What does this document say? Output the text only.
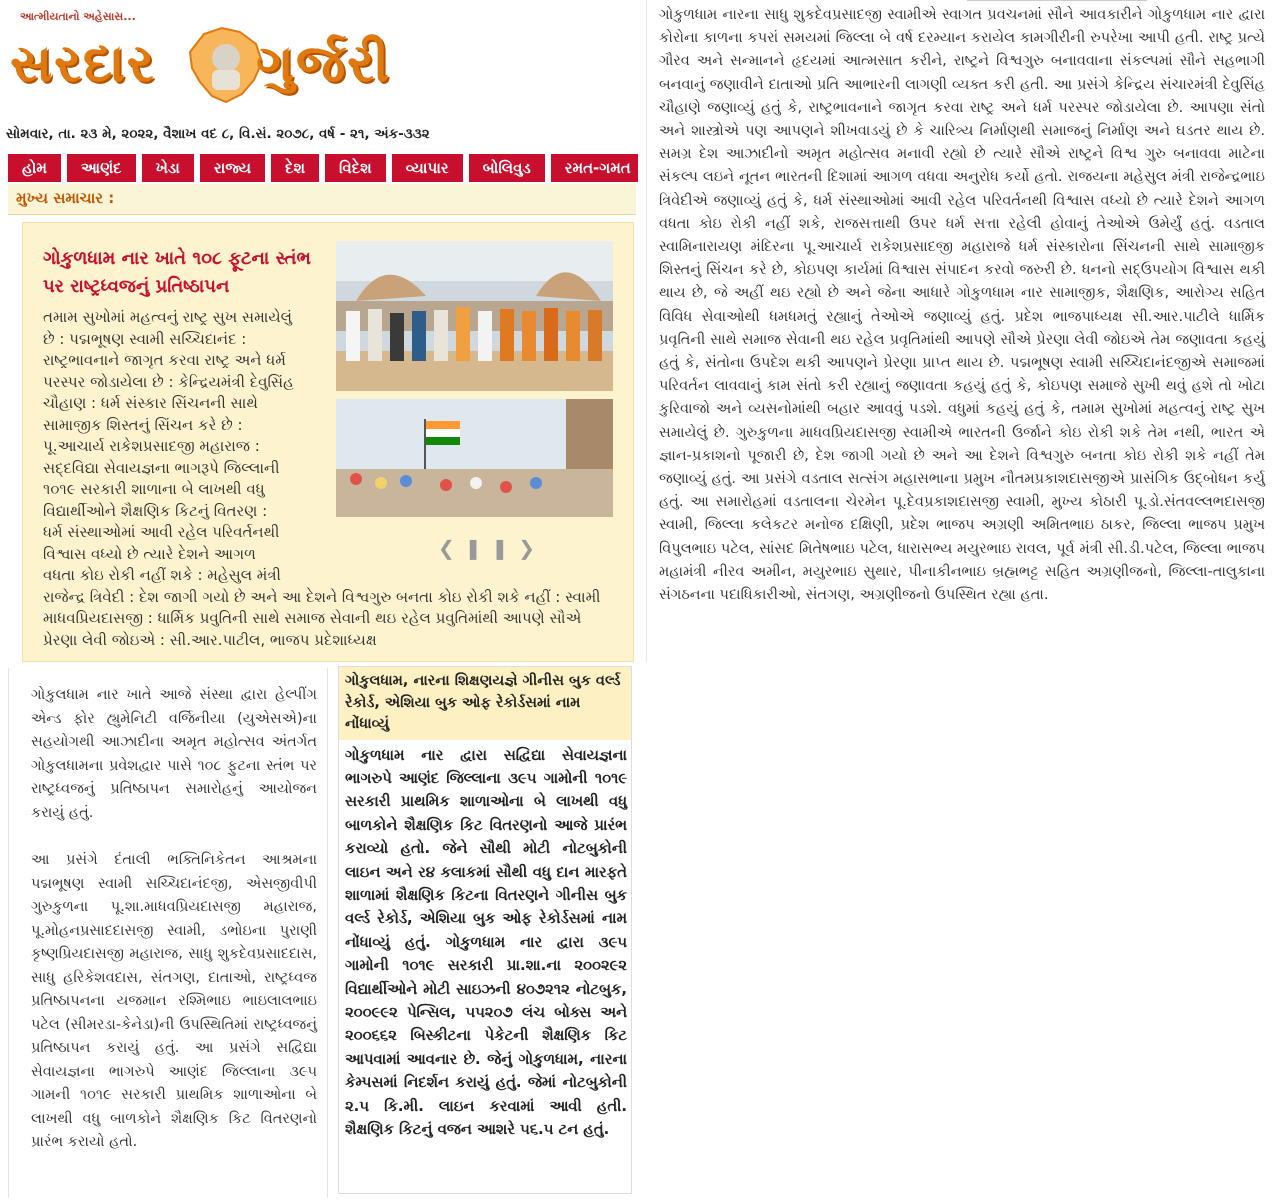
આત્મીયતાનો અહેસાસ...
સરદાર ગુર્જરી
સોમવાર, તા. ૨૩ મે, ૨૦૨૨, વૈશાખ વદ ૮, વિ.સં. ૨૦૭૮, વર્ષ - ૨૧, અંક-૩૩૨
હોમ	આણંદ	ખેડા	રાજ્ય	દેશ	વિદેશ	વ્યાપાર	બોલિવુડ	રમત-ગમત
મુખ્ય સમાચાર :
ગોકુળધામ નાર ખાતે ૧૦૮ ફૂટના સ્તંભ પર રાષ્ટ્રધ્વજનું પ્રતિષ્ઠાપન
❮❚❚❯
તમામ સુખોમાં મહત્વનું રાષ્ટ્ર સુખ સમાયેલું
છે : પદ્મભૂષણ સ્વામી સચ્ચિદાનંદ :
રાષ્ટ્રભાવનાને જાગૃત કરવા રાષ્ટ્ર અને ધર્મ
પરસ્પર જોડાયેલા છે : કેન્દ્રિયમંત્રી દેવુસિંહ
ચૌહાણ : ધર્મ સંસ્કાર સિંચનની સાથે
સામાજીક શિસ્તનું સિંચન કરે છે :
પૂ.આચાર્ય રાકેશપ્રસાદજી મહારાજ :
સદ્દવિદ્યા સેવાયજ્ઞના ભાગરૂપે જિલ્લાની
૧૦૧૯ સરકારી શાળાના બે લાખથી વધુ
વિદ્યાર્થીઓને શૈક્ષણિક કિટનું વિતરણ :
ધર્મ સંસ્થાઓમાં આવી રહેલ પરિવર્તનથી
વિશ્વાસ વધ્યો છે ત્યારે દેશને આગળ
વધતા કોઇ રોકી નહીં શકે : મહેસુલ મંત્રી
રાજેન્દ્ર ત્રિવેદી : દેશ જાગી ગયો છે અને આ દેશને વિશ્વગુરુ બનતા કોઇ રોકી શકે નહીં : સ્વામી માધવપ્રિયદાસજી : ધાર્મિક પ્રવુતિની સાથે સમાજ સેવાની થઇ રહેલ પ્રવુતિમાંથી આપણે સૌએ પ્રેરણા લેવી જોઇએ : સી.આર.પાટીલ, ભાજપ પ્રદેશાધ્યક્ષ

ગોકુલધામ નાર ખાતે આજે સંસ્થા દ્વારા હેલ્પીંગ એન્ડ ફોર હ્યુમેનિટી વર્જિનીયા (યુએસએ)ના સહયોગથી આઝાદીના અમૃત મહોત્સવ અંતર્ગત ગોકુલધામના પ્રવેશદ્વાર પાસે ૧૦૮ ફુટના સ્તંભ પર રાષ્ટ્રધ્વજનું પ્રતિષ્ઠાપન સમારોહનું આયોજન કરાયું હતું.

આ પ્રસંગે દંતાલી ભક્તિનિકેતન આશ્રમના પદ્મભૂષણ સ્વામી સચ્ચિદાનંદજી, એસજીવીપી ગુરુકુળના પૂ.શા.માધવપ્રિયદાસજી મહારાજ, પૂ.મોહનપ્રસાદદાસજી સ્વામી, ડભોઇના પુરાણી કૃષ્ણપ્રિયદાસજી મહારાજ, સાધુ શુકદેવપ્રસાદદાસ, સાધુ હરિકેશવદાસ, સંતગણ, દાતાઓ, રાષ્ટ્રધ્વજ પ્રતિષ્ઠાપનના યજમાન રશ્મિભાઇ ભાઇલાલભાઇ પટેલ (સીમરડા-કેનેડા)ની ઉપસ્થિતિમાં રાષ્ટ્રધ્વજનું પ્રતિષ્ઠાપન કરાયું હતું. આ પ્રસંગે સદ્વિદ્યા સેવાયજ્ઞના ભાગરુપે આણંદ જિલ્લાના ૩૯૫ ગામની ૧૦૧૯ સરકારી પ્રાથમિક શાળાઓના બે લાખથી વધુ બાળકોને શૈક્ષણિક કિટ વિતરણનો પ્રારંભ કરાયો હતો.

ગોકુલધામ, નારના શિક્ષણયજ્ઞે ગીનીસ બુક વર્લ્ડ રેકોર્ડ, એશિયા બુક ઓફ રેકોર્ડસમાં નામ નોંધાવ્યું
ગોકુળધામ નાર દ્વારા સદ્વિદ્યા સેવાયજ્ઞના ભાગરુપે આણંદ જિલ્લાના ૩૯૫ ગામોની ૧૦૧૯ સરકારી પ્રાથમિક શાળાઓના બે લાખથી વધુ બાળકોને શૈક્ષણિક કિટ વિતરણનો આજે પ્રારંભ કરાવ્યો હતો. જેને સૌથી મોટી નોટબુકોની લાઇન અને ર૪ કલાકમાં સૌથી વધુ દાન મારફતે શાળામાં શૈક્ષણિક કિટના વિતરણને ગીનીસ બુક વર્લ્ડ રેકોર્ડ, એશિયા બુક ઓફ રેકોર્ડસમાં નામ નોંધાવ્યું હતું. ગોકુળધામ નાર દ્વારા ૩૯૫ ગામોની ૧૦૧૯ સરકારી પ્રા.શા.ના ૨૦૦૨૯૨ વિદ્યાર્થીઓને મોટી સાઇઝની ૪૦૭૨૧૨ નોટબુક, ૨૦૦૯૯૨ પેન્સિલ, ૫૫૨૦૭ લંચ બોક્સ અને ૨૦૦૬૬૨ બિસ્કીટના પેકેટની શૈક્ષણિક કિટ આપવામાં આવનાર છે. જેનું ગોકુળધામ, નારના કેમ્પસમાં નિદર્શન કરાયું હતું. જેમાં નોટબુકોની ૨.૫ કિ.મી. લાઇન કરવામાં આવી હતી. શૈક્ષણિક કિટનું વજન આશરે ૫૬.૫ ટન હતું.

ગોકુળધામ નારના સાધુ શુકદેવપ્રસાદજી સ્વામીએ સ્વાગત પ્રવચનમાં સૌને આવકારીને ગોકુળધામ નાર દ્વારા કોરોના કાળના કપરાં સમયમાં જિલ્લા બે વર્ષ દરમ્યાન કરાયેલ કામગીરીની રુપરેખા આપી હતી. રાષ્ટ્ર પ્રત્યે ગૌરવ અને સન્માનને હૃદયમાં આત્મસાત કરીને, રાષ્ટ્રને વિશ્વગુરુ બનાવવાના સંકલ્પમાં સૌને સહભાગી બનવાનું જણાવીને દાતાઓ પ્રતિ આભારની લાગણી વ્યક્ત કરી હતી. આ પ્રસંગે કેન્દ્રિય સંચારમંત્રી દેવુસિંહ ચૌહાણે જણાવ્યું હતું કે, રાષ્ટ્રભાવનાને જાગૃત કરવા રાષ્ટ્ર અને ધર્મ પરસ્પર જોડાયેલા છે. આપણા સંતો અને શાસ્ત્રોએ પણ આપણને શીખવાડયું છે કે ચારિત્ર્ય નિર્માણથી સમાજનું નિર્માણ અને ઘડતર થાય છે. સમગ્ર દેશ આઝાદીનો અમૃત મહોત્સવ મનાવી રહ્યો છે ત્યારે સૌએ રાષ્ટ્રને વિશ્વ ગુરુ બનાવવા માટેના સંકલ્પ લઇને નૂતન ભારતની દિશામાં આગળ વધવા અનુરોધ કર્યો હતો. રાજયના મહેસુલ મંત્રી રાજેન્દ્રભાઇ ત્રિવેદીએ જણાવ્યું હતું કે, ધર્મ સંસ્થાઓમાં આવી રહેલ પરિવર્તનથી વિશ્વાસ વધ્યો છે ત્યારે દેશને આગળ વધતા કોઇ રોકી નહીં શકે, રાજસત્તાથી ઉપર ધર્મ સત્તા રહેલી હોવાનું તેઓએ ઉમેર્યું હતું. વડતાલ સ્વામિનારાયણ મંદિરના પૂ.આચાર્ય રાકેશપ્રસાદજી મહારાજે ધર્મ સંસ્કારોના સિંચનની સાથે સામાજીક શિસ્તનું સિંચન કરે છે, કોઇપણ કાર્યમાં વિશ્વાસ સંપાદન કરવો જરુરી છે. ધનનો સદ્ઉપયોગ વિશ્વાસ થકી થાય છે, જે અહીં થઇ રહ્યો છે અને જેના આધારે ગોકુળધામ નાર સામાજીક, શૈક્ષણિક, આરોગ્ય સહિત વિવિધ સેવાઓથી ધમધમતું રહ્યાનું તેઓએ જણાવ્યું હતું. પ્રદેશ ભાજપાધ્યક્ષ સી.આર.પાટીલે ધાર્મિક પ્રવૃતિની સાથે સમાજ સેવાની થઇ રહેલ પ્રવૃતિમાંથી આપણે સૌએ પ્રેરણા લેવી જોઇએ તેમ જણાવતા કહયું હતું કે, સંતોના ઉપદેશ થકી આપણને પ્રેરણા પ્રાપ્ત થાય છે. પદ્મભૂષણ સ્વામી સચ્ચિદાનંદજીએ સમાજમાં પરિવર્તન લાવવાનું કામ સંતો કરી રહ્યાનું જણાવતા કહયું હતું કે, કોઇપણ સમાજે સુખી થવું હશે તો ખોટા કુરિવાજો અને વ્યસનોમાંથી બહાર આવવું પડશે. વધુમાં કહયું હતું કે, તમામ સુખોમાં મહત્વનું રાષ્ટ્ર સુખ સમાયેલું છે. ગુરુકુળના માધવપ્રિયદાસજી સ્વામીએ ભારતની ઉર્જાને કોઇ રોકી શકે તેમ નથી, ભારત એ જ્ઞાન-પ્રકાશનો પૂજારી છે, દેશ જાગી ગયો છે અને આ દેશને વિશ્વગુરુ બનતા કોઇ રોકી શકે નહીં તેમ જણાવ્યું હતું. આ પ્રસંગે વડતાલ સત્સંગ મહાસભાના પ્રમુખ નૌતમપ્રકાશદાસજીએ પ્રાસંગિક ઉદ્બોધન કર્યુ હતું. આ સમારોહમાં વડતાલના ચેરમેન પૂ.દેવપ્રકાશદાસજી સ્વામી, મુખ્ય કોઠારી પૂ.ડો.સંતવલ્લભદાસજી સ્વામી, જિલ્લા કલેકટર મનોજ દક્ષિણી, પ્રદેશ ભાજપ અગ્રણી અમિતભાઇ ઠાકર, જિલ્લા ભાજપ પ્રમુખ વિપુલભાઇ પટેલ, સાંસદ મિતેષભાઇ પટેલ, ધારાસભ્ય મયુરભાઇ રાવલ, પૂર્વ મંત્રી સી.ડી.પટેલ, જિલ્લા ભાજપ મહામંત્રી નીરવ અમીન, મયુરભાઇ સુથાર, પીનાકીનભાઇ બ્રહ્મભટ્ટ સહિત અગ્રણીજનો, જિલ્લા-તાલુકાના સંગઠનના પદાધિકારીઓ, સંતગણ, અગ્રણીજનો ઉપસ્થિત રહ્યા હતા.
